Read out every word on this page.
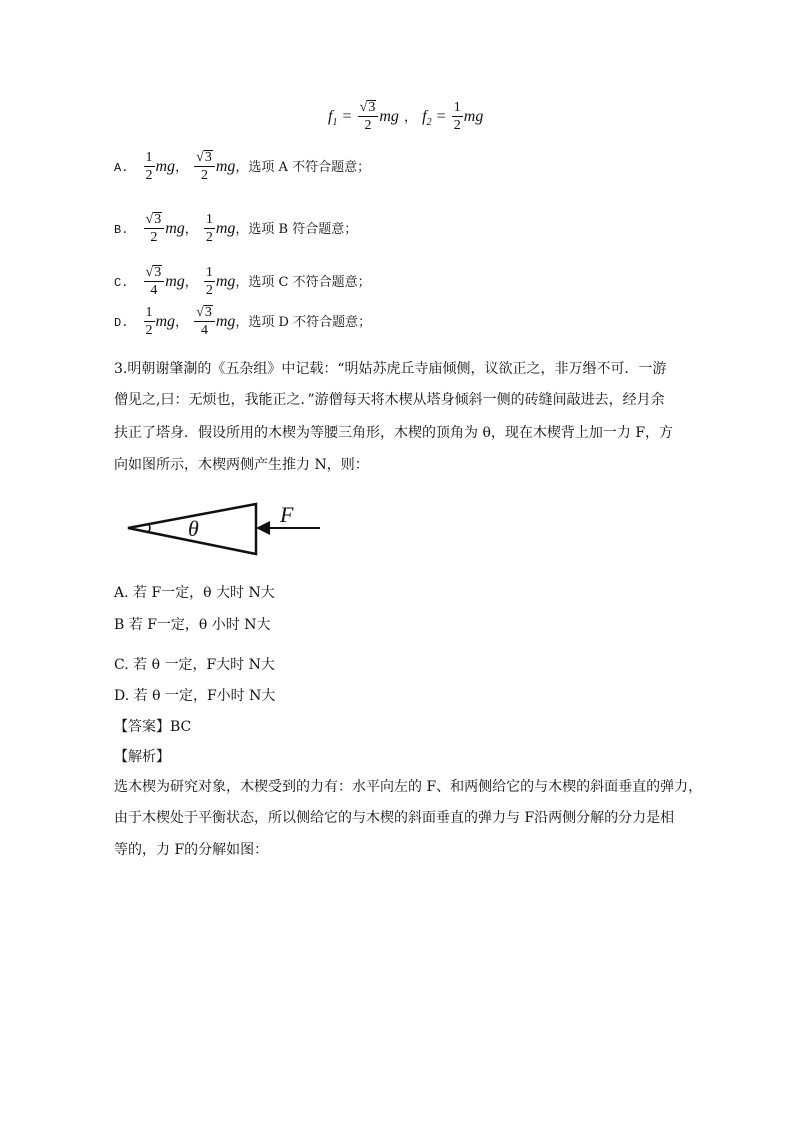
$f_1 = \frac{√ 3}{2}$ mg ， $f_2 = \frac{1}{2}$ mg
A. $\frac{1}{2}$ mg， $\frac{√ 3}{2}$ mg，选项 A 不符合题意；
B. $\frac{√ 3}{2}$ mg， $\frac{1}{2}$ mg，选项 B 符合题意；
C. $\frac{√ 3}{4}$ mg， $\frac{1}{2}$ mg，选项 C 不符合题意；
D. $\frac{1}{2}$ mg， $\frac{√ 3}{4}$ mg，选项 D 不符合题意；
3.明朝谢肇淛的《五杂组》中记载：“明姑苏虎丘寺庙倾侧，议欲正之，非万缗不可．一游
僧见之,曰：无烦也，我能正之．”游僧每天将木楔从塔身倾斜一侧的砖缝间敲进去，经月余
扶正了塔身．假设所用的木楔为等腰三角形，木楔的顶角为 θ，现在木楔背上加一力 F，方
向如图所示，木楔两侧产生推力 N，则：
θ
F
A. 若 F一定，θ 大时 N大
B 若 F一定，θ 小时 N大
C. 若 θ 一定，F大时 N大
D. 若 θ 一定，F小时 N大
【答案】BC
【解析】
选木楔为研究对象，木楔受到的力有：水平向左的 F、和两侧给它的与木楔的斜面垂直的弹力，
由于木楔处于平衡状态，所以侧给它的与木楔的斜面垂直的弹力与 F沿两侧分解的分力是相
等的，力 F的分解如图：
